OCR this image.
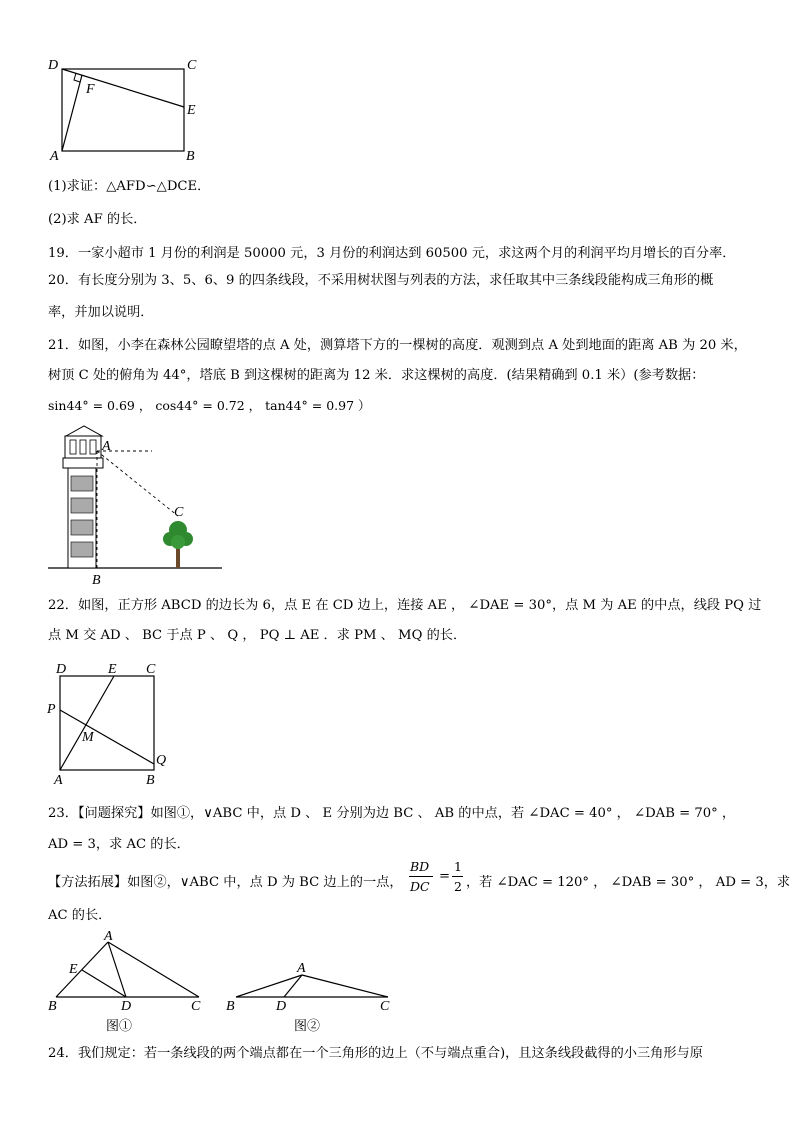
D	C
F
E
A	B
(1)求证：△AFD∽△DCE．
(2)求 AF 的长．
19．一家小超市 1 月份的利润是 50000 元，3 月份的利润达到 60500 元，求这两个月的利润平均月增长的百分率．
20．有长度分别为 3、5、6、9 的四条线段，不采用树状图与列表的方法，求任取其中三条线段能构成三角形的概
率，并加以说明．
21．如图，小李在森林公园瞭望塔的点 A 处，测算塔下方的一棵树的高度．观测到点 A 处到地面的距离 AB 为 20 米，
树顶 C 处的俯角为 44°，塔底 B 到这棵树的距离为 12 米．求这棵树的高度．(结果精确到 0.1 米）(参考数据：
sin44° = 0.69 ， cos44° = 0.72 ， tan44° = 0.97 ）
A
C
B
22．如图，正方形 ABCD 的边长为 6，点 E 在 CD 边上，连接 AE ， ∠DAE = 30°，点 M 为 AE 的中点，线段 PQ 过
点 M 交 AD 、 BC 于点 P 、 Q ， PQ ⊥ AE ．求 PM 、 MQ 的长．
D	E C
P
M
A	B
Q
23．【问题探究】如图①，∨ABC 中，点 D 、 E 分别为边 BC 、 AB 的中点，若 ∠DAC = 40° ， ∠DAB = 70° ，
AD = 3，求 AC 的长．
【方法拓展】如图②，∨ABC 中，点 D 为 BC 边上的一点，
BD
DC
=
1
2 ，若 ∠DAC = 120° ， ∠DAB = 30° ， AD = 3，求
AC 的长．
A
E
B	D	C
图①
A
B	D	C
图②
24．我们规定：若一条线段的两个端点都在一个三角形的边上（不与端点重合)，且这条线段截得的小三角形与原
